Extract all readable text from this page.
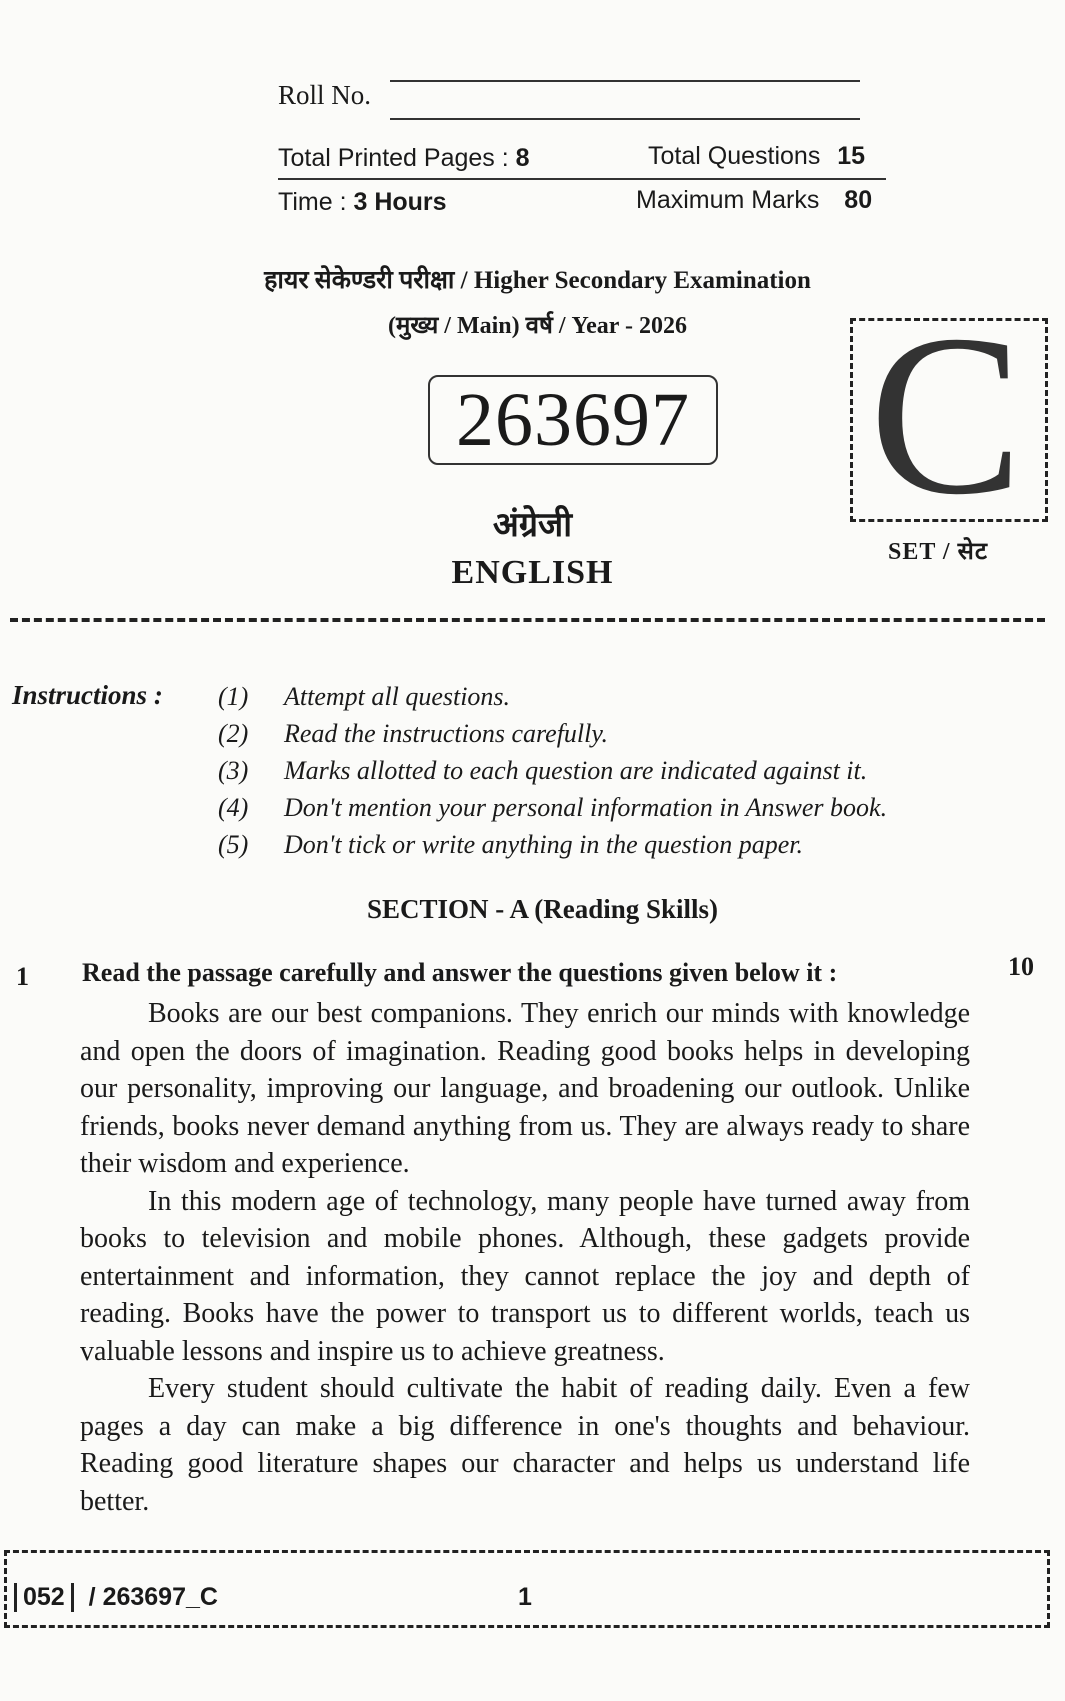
Roll No.
Total Printed Pages : 8	Total Questions 15
Time : 3 Hours	Maximum Marks 80
हायर सेकेण्डरी परीक्षा / Higher Secondary Examination
(मुख्य / Main) वर्ष / Year - 2026
263697 C
SET / सेट
अंग्रेजी
ENGLISH
Instructions : (1) Attempt all questions.
(2) Read the instructions carefully.
(3) Marks allotted to each question are indicated against it.
(4) Don't mention your personal information in Answer book.
(5) Don't tick or write anything in the question paper.
SECTION - A (Reading Skills)
1 Read the passage carefully and answer the questions given below it :	10

Books are our best companions. They enrich our minds with knowledge and open the doors of imagination. Reading good books helps in developing our personality, improving our language, and broadening our outlook. Unlike friends, books never demand anything from us. They are always ready to share their wisdom and experience.

In this modern age of technology, many people have turned away from books to television and mobile phones. Although, these gadgets provide entertainment and information, they cannot replace the joy and depth of reading. Books have the power to transport us to different worlds, teach us valuable lessons and inspire us to achieve greatness.

Every student should cultivate the habit of reading daily. Even a few pages a day can make a big difference in one's thoughts and behaviour. Reading good literature shapes our character and helps us understand life better.

052 / 263697_C	1
